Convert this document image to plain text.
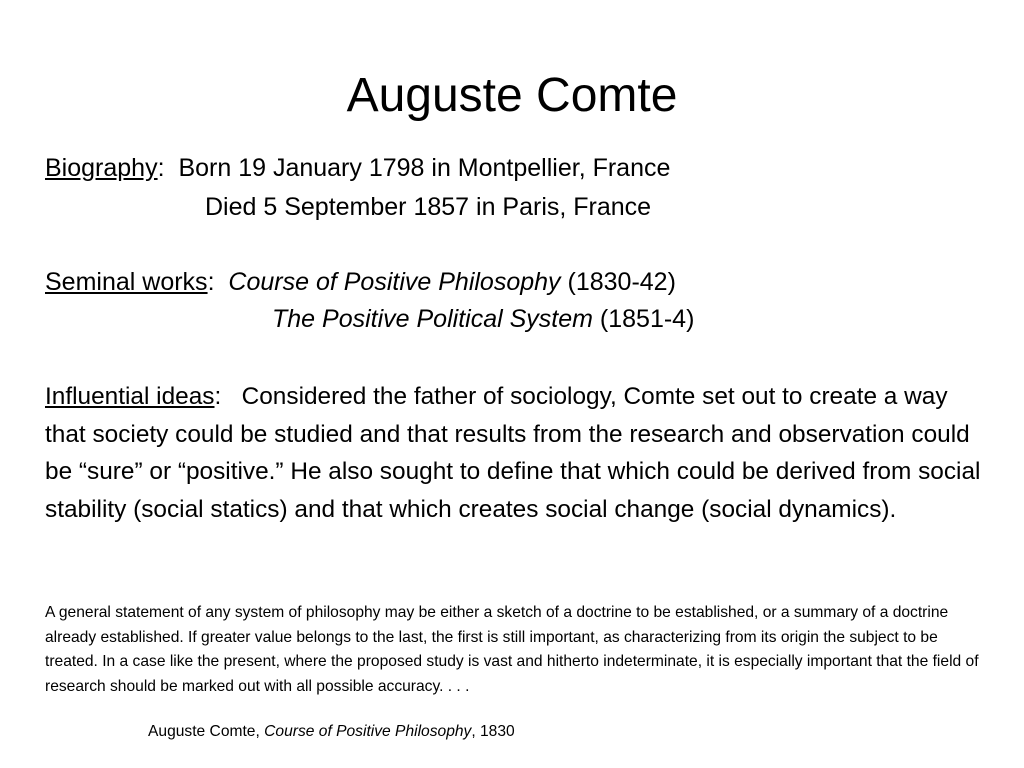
Auguste Comte
Biography: Born 19 January 1798 in Montpellier, France
Died 5 September 1857 in Paris, France
Seminal works: Course of Positive Philosophy (1830-42)
The Positive Political System (1851-4)
Influential ideas: Considered the father of sociology, Comte set out to create a way that society could be studied and that results from the research and observation could be “sure” or “positive.” He also sought to define that which could be derived from social stability (social statics) and that which creates social change (social dynamics).
A general statement of any system of philosophy may be either a sketch of a doctrine to be established, or a summary of a doctrine already established. If greater value belongs to the last, the first is still important, as characterizing from its origin the subject to be treated. In a case like the present, where the proposed study is vast and hitherto indeterminate, it is especially important that the field of research should be marked out with all possible accuracy. . . .
Auguste Comte, Course of Positive Philosophy, 1830
